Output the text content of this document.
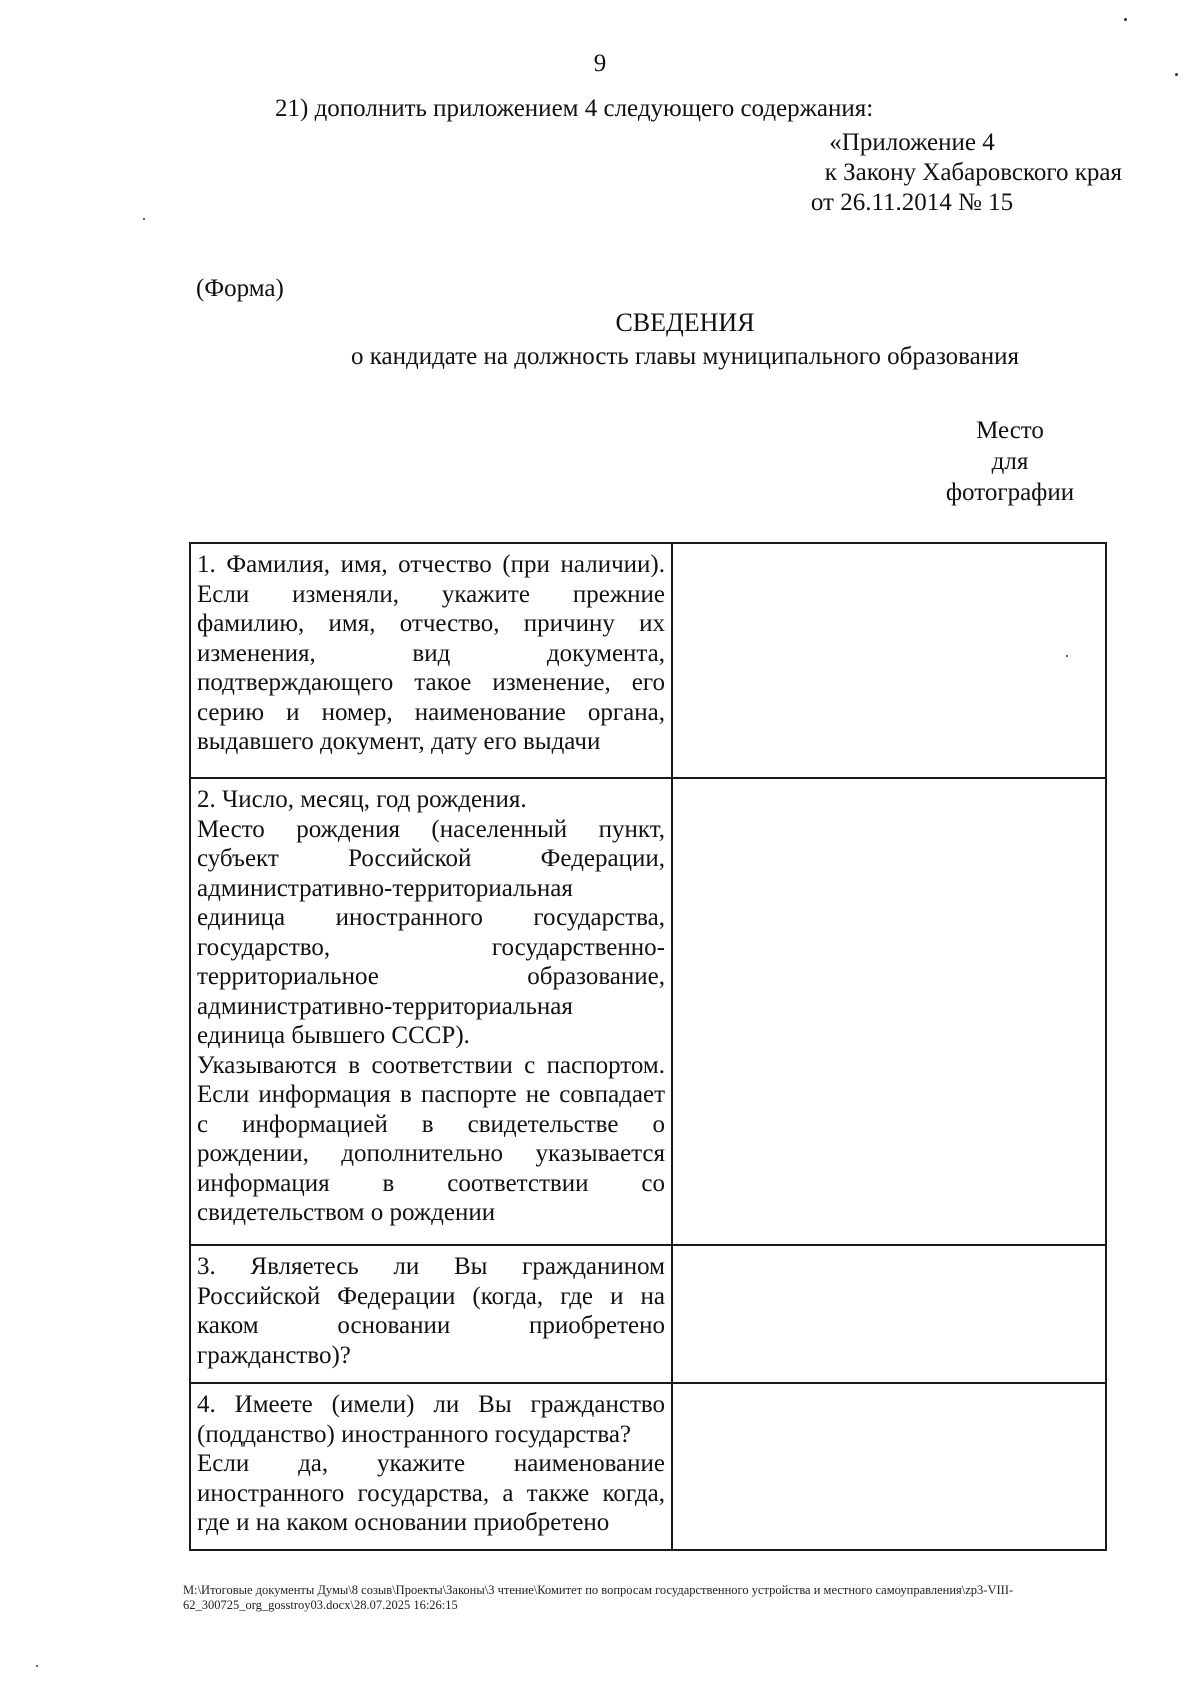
9
21) дополнить приложением 4 следующего содержания:
«Приложение 4
к Закону Хабаровского края
от 26.11.2014 № 15
(Форма)
СВЕДЕНИЯ
о кандидате на должность главы муниципального образования
Место
для
фотографии
1. Фамилия, имя, отчество (при наличии). Если изменяли, укажите прежние фамилию, имя, отчество, причину их изменения, вид документа, подтверждающего такое изменение, его серию и номер, наименование органа, выдавшего документ, дату его выдачи	

2. Число, месяц, год рождения.
Место рождения (населенный пункт, субъект Российской Федерации, административно-территориальная единица иностранного государства, государство, государственно-территориальное образование, административно-территориальная единица бывшего СССР).
Указываются в соответствии с паспортом. Если информация в паспорте не совпадает с информацией в свидетельстве о рождении, дополнительно указывается информация в соответствии со свидетельством о рождении	

3. Являетесь ли Вы гражданином Российской Федерации (когда, где и на каком основании приобретено гражданство)?	

4. Имеете (имели) ли Вы гражданство (подданство) иностранного государства?
Если да, укажите наименование иностранного государства, а также когда, где и на каком основании приобретено	

M:\Итоговые документы Думы\8 созыв\Проекты\Законы\3 чтение\Комитет по вопросам государственного устройства и местного самоуправления\zp3-VIII-62_300725_org_gosstroy03.docx\28.07.2025 16:26:15
